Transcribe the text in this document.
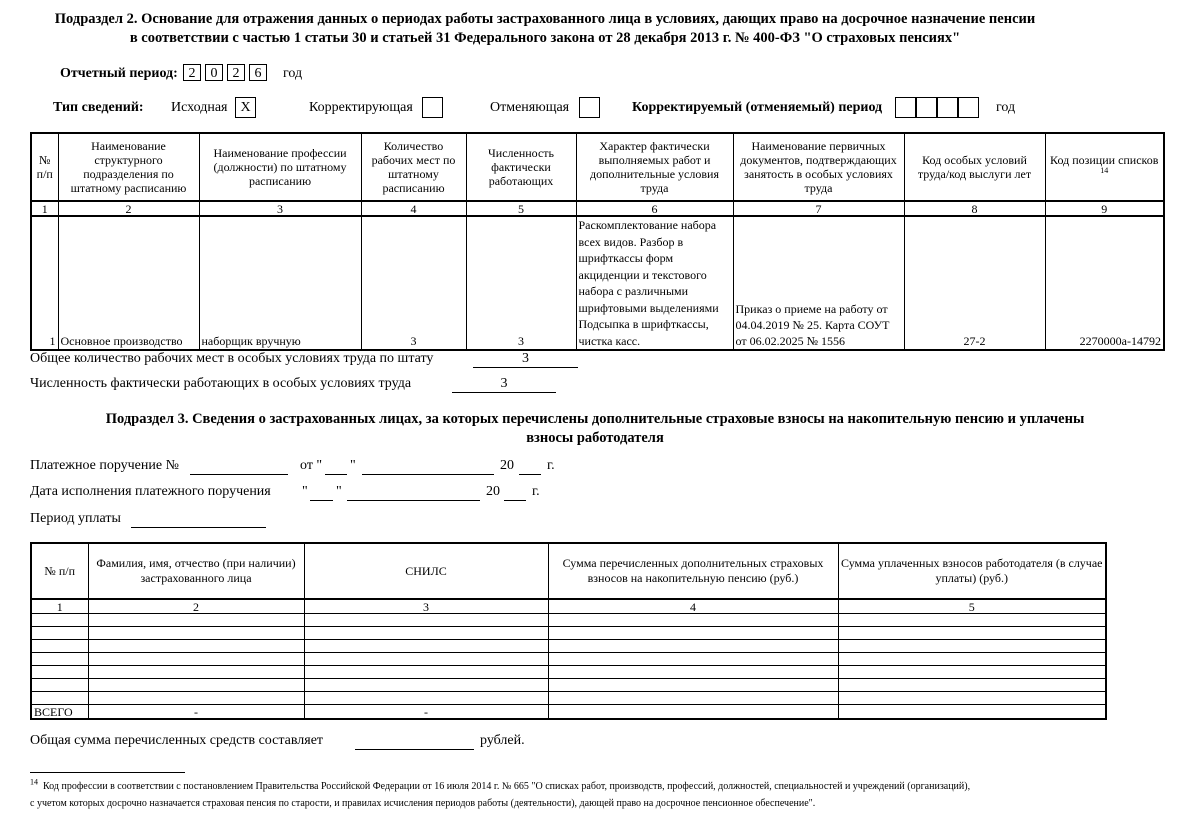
Подраздел 2. Основание для отражения данных о периодах работы застрахованного лица в условиях, дающих право на досрочное назначение пенсии
в соответствии с частью 1 статьи 30 и статьей 31 Федерального закона от 28 декабря 2013 г. № 400-ФЗ "О страховых пенсиях"
Отчетный период: 2 0 2 6	год
Тип сведений: Исходная X	Корректирующая	Отменяющая	Корректируемый (отменяемый) период	год
№ п/п	Наименование структурного подразделения по штатному расписанию	Наименование профессии (должности) по штатному расписанию	Количество рабочих мест по штатному расписанию	Численность фактически работающих	Характер фактически выполняемых работ и дополнительные условия труда	Наименование первичных документов, подтверждающих занятость в особых условиях труда	Код особых условий труда/код выслуги лет	Код позиции списков $^{14}$
1	2	3	4	5	6	7	8	9
1	Основное производство	наборщик вручную	3	3	Раскомплектование набора всех видов. Разбор в шрифткассы форм акциденции и текстового набора с различными шрифтовыми выделениями Подсыпка в шрифткассы, чистка касс.	Приказ о приеме на работу от 04.04.2019 № 25. Карта СОУТ от 06.02.2025 № 1556	27-2	2270000а-14792
Общее количество рабочих мест в особых условиях труда по штату	3
Численность фактически работающих в особых условиях труда	3
Подраздел 3. Сведения о застрахованных лицах, за которых перечислены дополнительные страховые взносы на накопительную пенсию и уплачены
взносы работодателя
Платежное поручение №	от " "	20 г.
Дата исполнения платежного поручения " "	20 г.
Период уплаты
№ п/п	Фамилия, имя, отчество (при наличии) застрахованного лица	СНИЛС	Сумма перечисленных дополнительных страховых взносов на накопительную пенсию (руб.)	Сумма уплаченных взносов работодателя (в случае уплаты) (руб.)
1	2	3	4	5

ВСЕГО	-	-		
Общая сумма перечисленных средств составляет	рублей.
$^{14}$ Код профессии в соответствии с постановлением Правительства Российской Федерации от 16 июля 2014 г. № 665 "О списках работ, производств, профессий, должностей, специальностей и учреждений (организаций),
с учетом которых досрочно назначается страховая пенсия по старости, и правилах исчисления периодов работы (деятельности), дающей право на досрочное пенсионное обеспечение".
